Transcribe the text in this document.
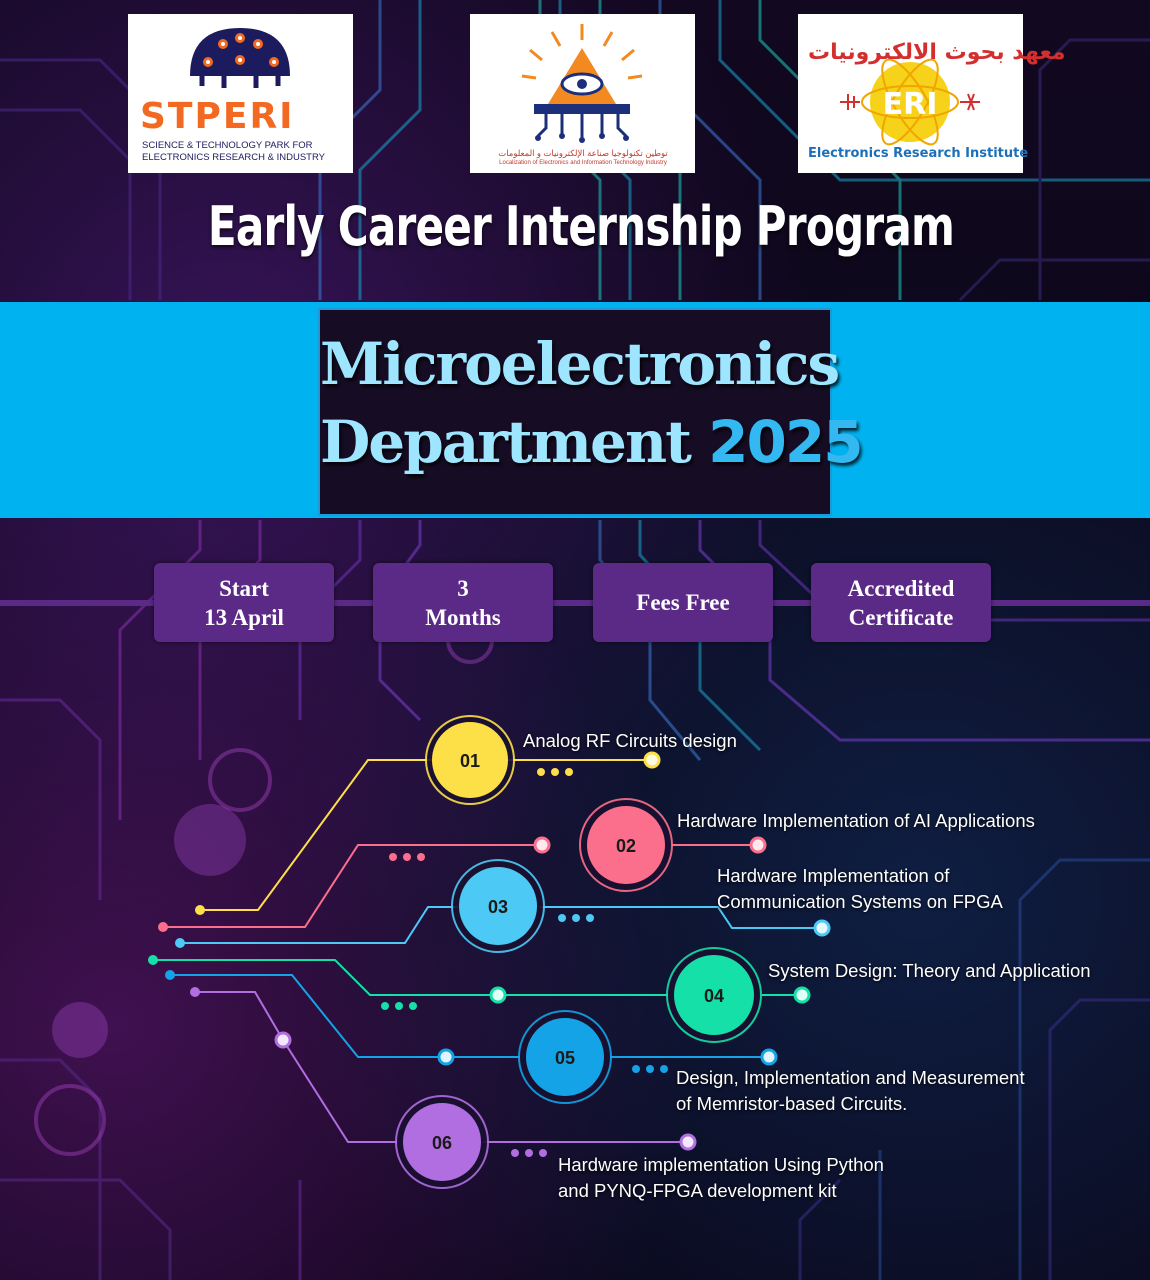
STPERI
SCIENCE & TECHNOLOGY PARK FOR
ELECTRONICS RESEARCH & INDUSTRY	توطين تكنولوجيا صناعة الإلكترونيات و المعلومات
Localization of Electronics and Information Technology Industry
ERI
معهد بحوث الالكترونيات
Electronics Research Institute
Early Career Internship Program
Microelectronics
Department 2025
Start
13 April
3
Months
Fees Free
Accredited
Certificate
01
02
03
04
05
06
Analog RF Circuits design
Hardware Implementation of AI Applications
Hardware Implementation of
Communication Systems on FPGA
System Design: Theory and Application
Design, Implementation and Measurement
of Memristor-based Circuits.
Hardware implementation Using Python
and PYNQ-FPGA development kit
